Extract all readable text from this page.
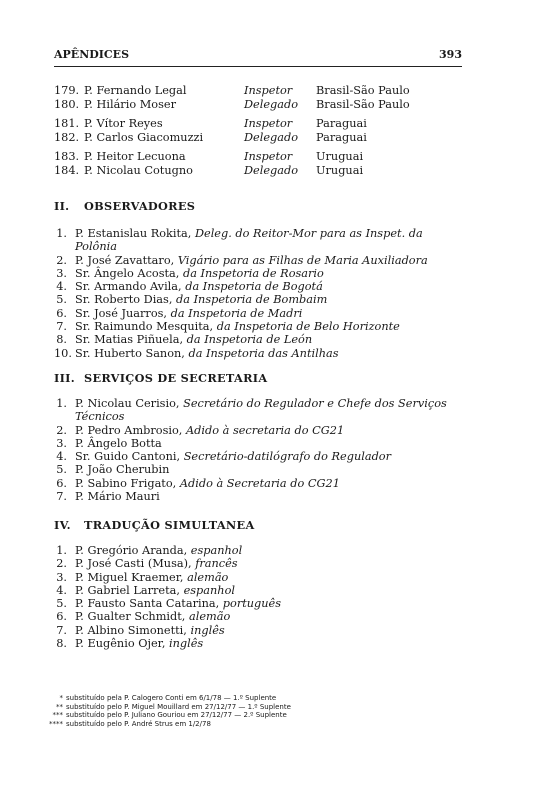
APÊNDICES	393
179. P. Fernando Legal	Inspetor Brasil-São Paulo
180. P. Hilário Moser	Delegado Brasil-São Paulo
181. P. Vítor Reyes	Inspetor Paraguai
182. P. Carlos Giacomuzzi	Delegado Paraguai
183. P. Heitor Lecuona	Inspetor Uruguai
184. P. Nicolau Cotugno	Delegado Uruguai
II. OBSERVADORES
1. P. Estanislau Rokita, Deleg. do Reitor-Mor para as Inspet. da Polônia
2. P. José Zavattaro, Vigário para as Filhas de Maria Auxiliadora
3. Sr. Ângelo Acosta, da Inspetoria de Rosario
4. Sr. Armando Avila, da Inspetoria de Bogotá
5. Sr. Roberto Dias, da Inspetoria de Bombaim
6. Sr. José Juarros, da Inspetoria de Madri
7. Sr. Raimundo Mesquita, da Inspetoria de Belo Horizonte
8. Sr. Matias Piñuela, da Inspetoria de León
10. Sr. Huberto Sanon, da Inspetoria das Antilhas
III. SERVIÇOS DE SECRETARIA
1. P. Nicolau Cerisio, Secretário do Regulador e Chefe dos Serviços Técnicos
2. P. Pedro Ambrosio, Adido à secretaria do CG21
3. P. Ângelo Botta
4. Sr. Guido Cantoni, Secretário-datilógrafo do Regulador
5. P. João Cherubin
6. P. Sabino Frigato, Adido à Secretaria do CG21
7. P. Mário Mauri
IV. TRADUÇÃO SIMULTANEA
1. P. Gregório Aranda, espanhol
2. P. José Casti (Musa), francês
3. P. Miguel Kraemer, alemão
4. P. Gabriel Larreta, espanhol
5. P. Fausto Santa Catarina, português
6. P. Gualter Schmidt, alemão
7. P. Albino Simonetti, inglês
8. P. Eugênio Ojer, inglês
* substituído pela P. Calogero Conti em 6/1/78 — 1.º Suplente
** substituído pelo P. Miguel Mouillard em 27/12/77 — 1.º Suplente
*** substituído pelo P. Juliano Gouriou em 27/12/77 — 2.º Suplente
**** substituído pelo P. André Strus em 1/2/78
